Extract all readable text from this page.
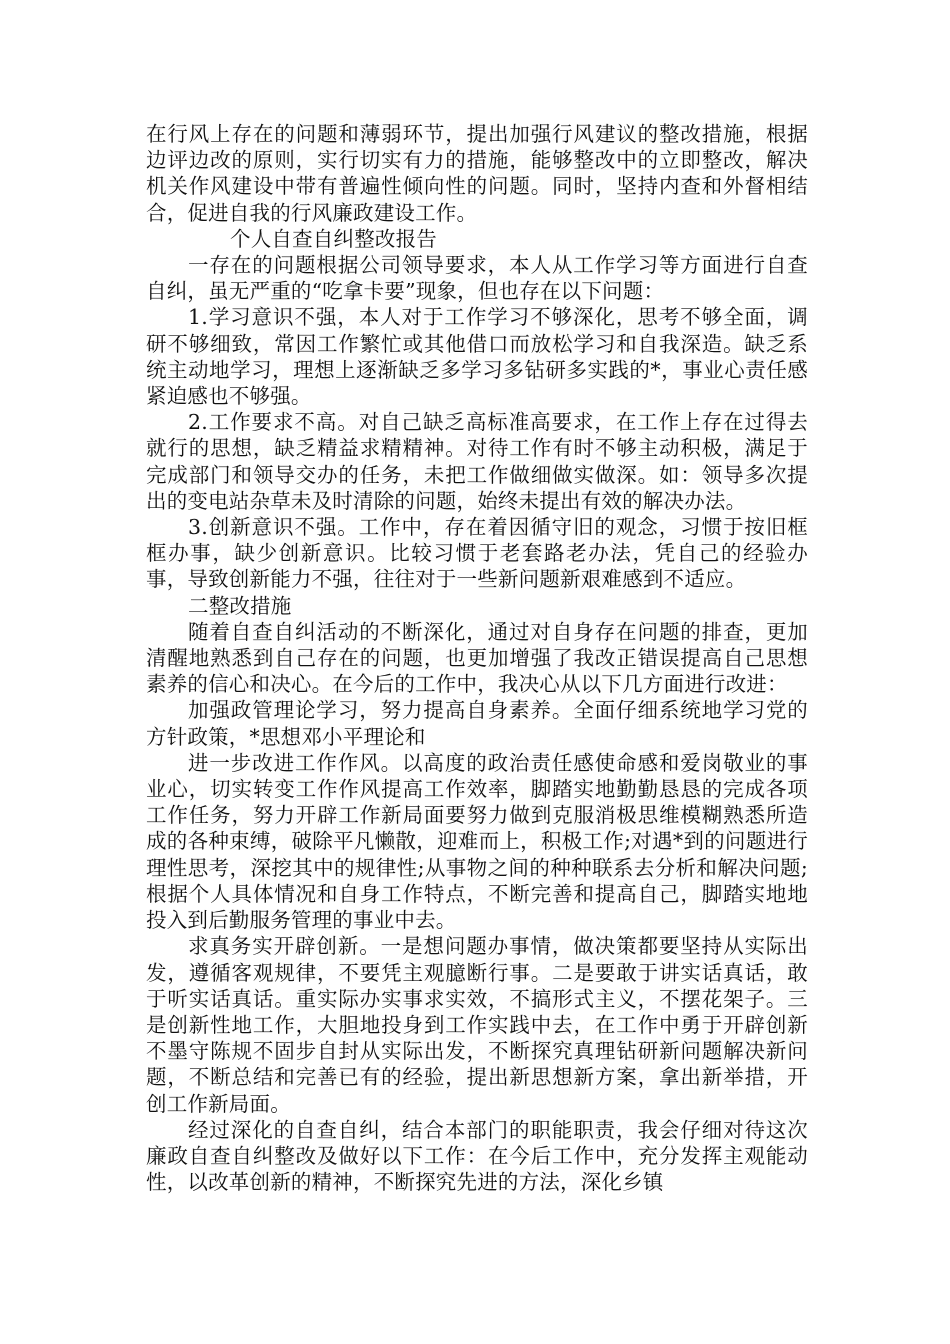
在行风上存在的问题和薄弱环节，提出加强行风建议的整改措施，根据边评边改的原则，实行切实有力的措施，能够整改中的立即整改，解决机关作风建设中带有普遍性倾向性的问题。同时，坚持内查和外督相结合，促进自我的行风廉政建设工作。

个人自查自纠整改报告

一存在的问题根据公司领导要求，本人从工作学习等方面进行自查自纠，虽无严重的“吃拿卡要”现象，但也存在以下问题：

1.学习意识不强，本人对于工作学习不够深化，思考不够全面，调研不够细致，常因工作繁忙或其他借口而放松学习和自我深造。缺乏系统主动地学习，理想上逐渐缺乏多学习多钻研多实践的*，事业心责任感紧迫感也不够强。

2.工作要求不高。对自己缺乏高标准高要求，在工作上存在过得去就行的思想，缺乏精益求精精神。对待工作有时不够主动积极，满足于完成部门和领导交办的任务，未把工作做细做实做深。如：领导多次提出的变电站杂草未及时清除的问题，始终未提出有效的解决办法。

3.创新意识不强。工作中，存在着因循守旧的观念，习惯于按旧框框办事，缺少创新意识。比较习惯于老套路老办法，凭自己的经验办事，导致创新能力不强，往往对于一些新问题新艰难感到不适应。

二整改措施

随着自查自纠活动的不断深化，通过对自身存在问题的排查，更加清醒地熟悉到自己存在的问题，也更加增强了我改正错误提高自己思想素养的信心和决心。在今后的工作中，我决心从以下几方面进行改进：

加强政管理论学习，努力提高自身素养。全面仔细系统地学习党的方针政策，*思想邓小平理论和

进一步改进工作作风。以高度的政治责任感使命感和爱岗敬业的事业心，切实转变工作作风提高工作效率，脚踏实地勤勤恳恳的完成各项工作任务，努力开辟工作新局面要努力做到克服消极思维模糊熟悉所造成的各种束缚，破除平凡懒散，迎难而上，积极工作;对遇*到的问题进行理性思考，深挖其中的规律性;从事物之间的种种联系去分析和解决问题;根据个人具体情况和自身工作特点，不断完善和提高自己，脚踏实地地投入到后勤服务管理的事业中去。

求真务实开辟创新。一是想问题办事情，做决策都要坚持从实际出发，遵循客观规律，不要凭主观臆断行事。二是要敢于讲实话真话，敢于听实话真话。重实际办实事求实效，不搞形式主义，不摆花架子。三是创新性地工作，大胆地投身到工作实践中去，在工作中勇于开辟创新不墨守陈规不固步自封从实际出发，不断探究真理钻研新问题解决新问题，不断总结和完善已有的经验，提出新思想新方案，拿出新举措，开创工作新局面。

经过深化的自查自纠，结合本部门的职能职责，我会仔细对待这次廉政自查自纠整改及做好以下工作：在今后工作中，充分发挥主观能动性，以改革创新的精神，不断探究先进的方法，深化乡镇
